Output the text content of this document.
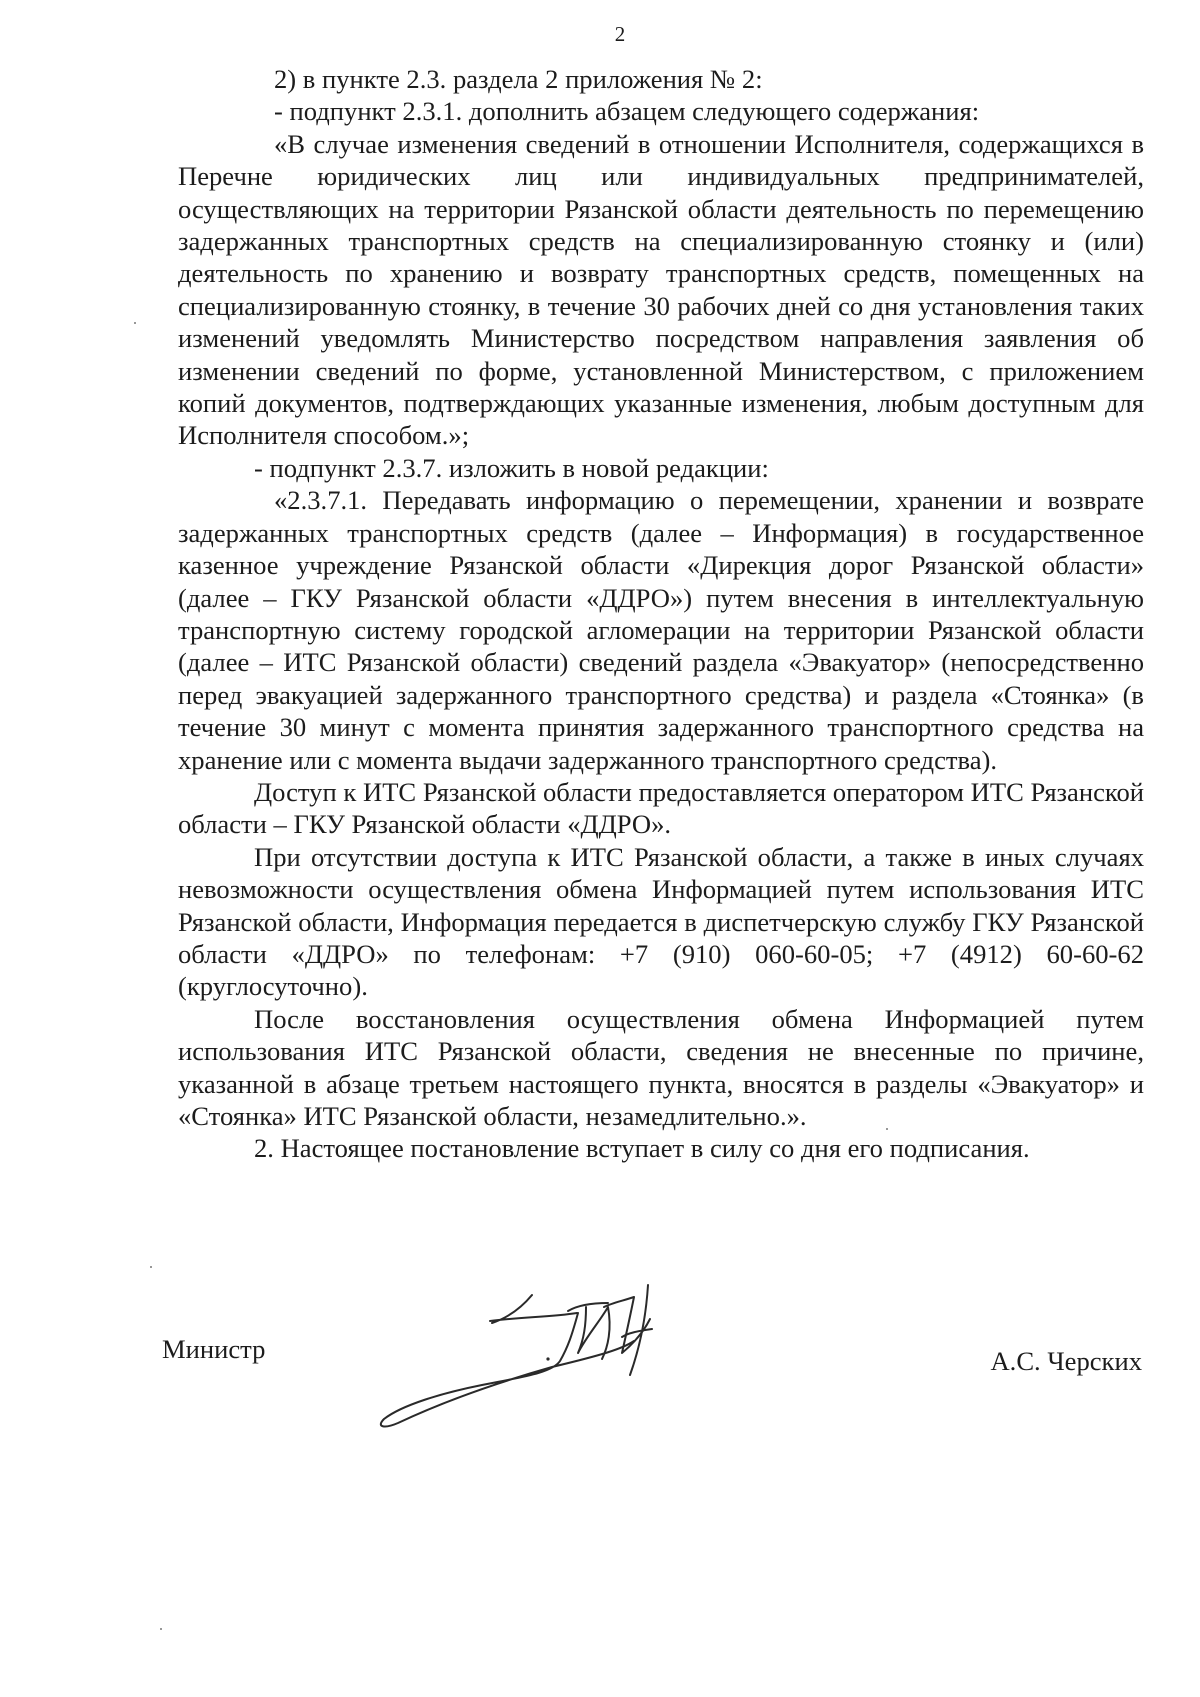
2

2) в пункте 2.3. раздела 2 приложения № 2:

- подпункт 2.3.1. дополнить абзацем следующего содержания:

«В случае изменения сведений в отношении Исполнителя, содержащихся в Перечне юридических лиц или индивидуальных предпринимателей, осуществляющих на территории Рязанской области деятельность по перемещению задержанных транспортных средств на специализированную стоянку и (или) деятельность по хранению и возврату транспортных средств, помещенных на специализированную стоянку, в течение 30 рабочих дней со дня установления таких изменений уведомлять Министерство посредством направления заявления об изменении сведений по форме, установленной Министерством, с приложением копий документов, подтверждающих указанные изменения, любым доступным для Исполнителя способом.»;

- подпункт 2.3.7. изложить в новой редакции:

«2.3.7.1. Передавать информацию о перемещении, хранении и возврате задержанных транспортных средств (далее – Информация) в государственное казенное учреждение Рязанской области «Дирекция дорог Рязанской области» (далее – ГКУ Рязанской области «ДДРО») путем внесения в интеллектуальную транспортную систему городской агломерации на территории Рязанской области (далее – ИТС Рязанской области) сведений раздела «Эвакуатор» (непосредственно перед эвакуацией задержанного транспортного средства) и раздела «Стоянка» (в течение 30 минут с момента принятия задержанного транспортного средства на хранение или с момента выдачи задержанного транспортного средства).

Доступ к ИТС Рязанской области предоставляется оператором ИТС Рязанской области – ГКУ Рязанской области «ДДРО».

При отсутствии доступа к ИТС Рязанской области, а также в иных случаях невозможности осуществления обмена Информацией путем использования ИТС Рязанской области, Информация передается в диспетчерскую службу ГКУ Рязанской области «ДДРО» по телефонам: +7 (910) 060-60-05; +7 (4912) 60-60-62 (круглосуточно).

После восстановления осуществления обмена Информацией путем использования ИТС Рязанской области, сведения не внесенные по причине, указанной в абзаце третьем настоящего пункта, вносятся в разделы «Эвакуатор» и «Стоянка» ИТС Рязанской области, незамедлительно.».

2. Настоящее постановление вступает в силу со дня его подписания.

Министр	А.С. Черских
